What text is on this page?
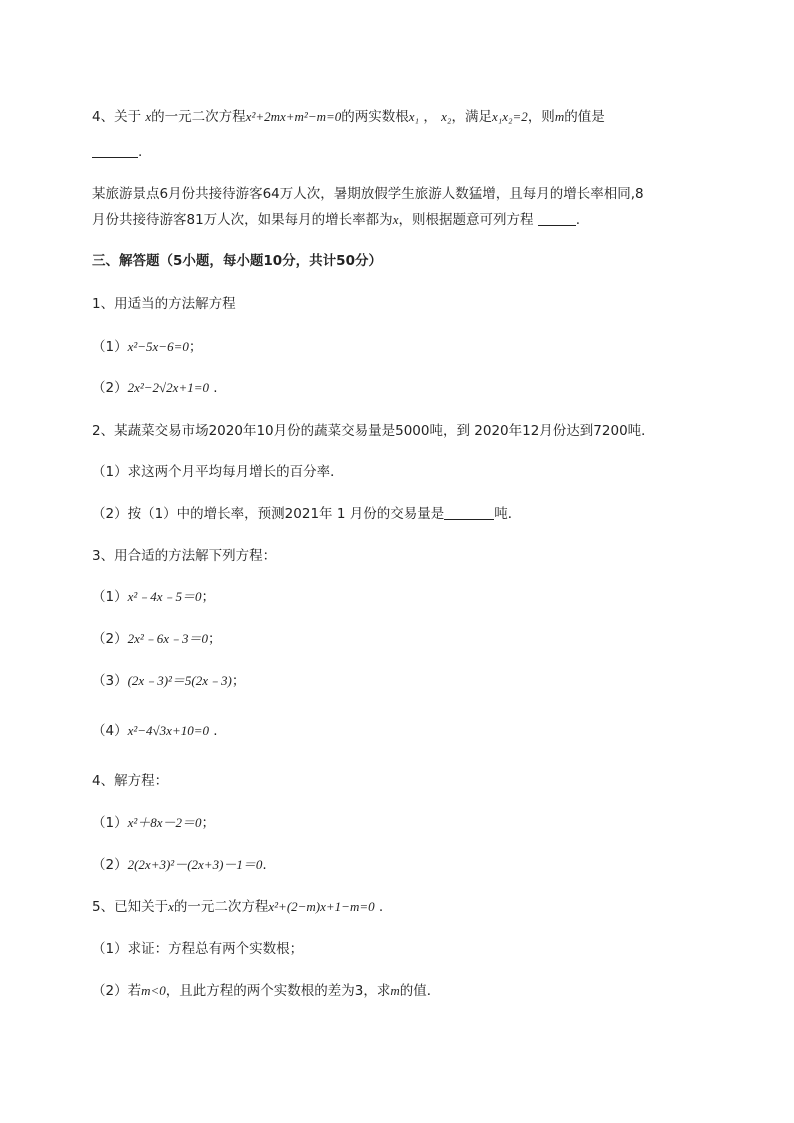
4、关于 x的一元二次方程x²+2mx+m²−m=0的两实数根x₁ ， x₂，满足x₁x₂=2，则m的值是
.
某旅游景点6月份共接待游客64万人次，暑期放假学生旅游人数猛增，且每月的增长率相同,8
月份共接待游客81万人次，如果每月的增长率都为x，则根据题意可列方程	.
三、解答题（5小题，每小题10分，共计50分）
1、用适当的方法解方程
（1）x²−5x−6=0；
（2）2x²−2√2x+1=0 .
2、某蔬菜交易市场2020年10月份的蔬菜交易量是5000吨，到 2020年12月份达到7200吨．
（1）求这两个月平均每月增长的百分率．
（2）按（1）中的增长率，预测2021年 1 月份的交易量是	吨．
3、用合适的方法解下列方程：
（1）x²﹣4x﹣5＝0；
（2）2x²﹣6x﹣3＝0；
（3）(2x﹣3)²＝5(2x﹣3)；
（4）x²−4√3x+10=0 .
4、解方程：
（1）x²＋8x－2＝0；
（2）2(2x+3)²－(2x+3)－1＝0.
5、已知关于x的一元二次方程x²+(2−m)x+1−m=0 .
（1）求证：方程总有两个实数根；
（2）若m<0，且此方程的两个实数根的差为3，求m的值．
